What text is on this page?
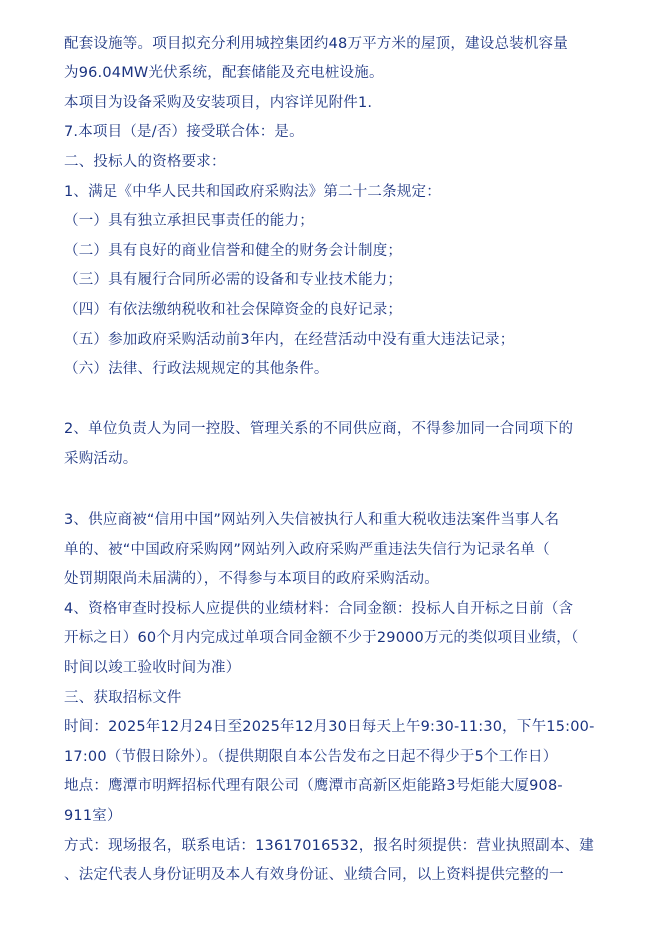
配套设施等。项目拟充分利用城控集团约48万平方米的屋顶，建设总装机容量
为96.04MW光伏系统，配套储能及充电桩设施。
本项目为设备采购及安装项目，内容详见附件1.
7.本项目（是/否）接受联合体：是。
二、投标人的资格要求：
1、满足《中华人民共和国政府采购法》第二十二条规定：
（一）具有独立承担民事责任的能力；
（二）具有良好的商业信誉和健全的财务会计制度；
（三）具有履行合同所必需的设备和专业技术能力；
（四）有依法缴纳税收和社会保障资金的良好记录；
（五）参加政府采购活动前3年内，在经营活动中没有重大违法记录；
（六）法律、行政法规规定的其他条件。
2、单位负责人为同一控股、管理关系的不同供应商，不得参加同一合同项下的
采购活动。
3、供应商被“信用中国”网站列入失信被执行人和重大税收违法案件当事人名
单的、被“中国政府采购网”网站列入政府采购严重违法失信行为记录名单（
处罚期限尚未届满的），不得参与本项目的政府采购活动。
4、资格审查时投标人应提供的业绩材料：合同金额：投标人自开标之日前（含
开标之日）60个月内完成过单项合同金额不少于29000万元的类似项目业绩，（
时间以竣工验收时间为准）
三、获取招标文件
时间：2025年12月24日至2025年12月30日每天上午9:30-11:30，下午15:00-
17:00（节假日除外）。（提供期限自本公告发布之日起不得少于5个工作日）
地点：鹰潭市明辉招标代理有限公司（鹰潭市高新区炬能路3号炬能大厦908-
911室）
方式：现场报名，联系电话：13617016532，报名时须提供：营业执照副本、建
、法定代表人身份证明及本人有效身份证、业绩合同，以上资料提供完整的一
